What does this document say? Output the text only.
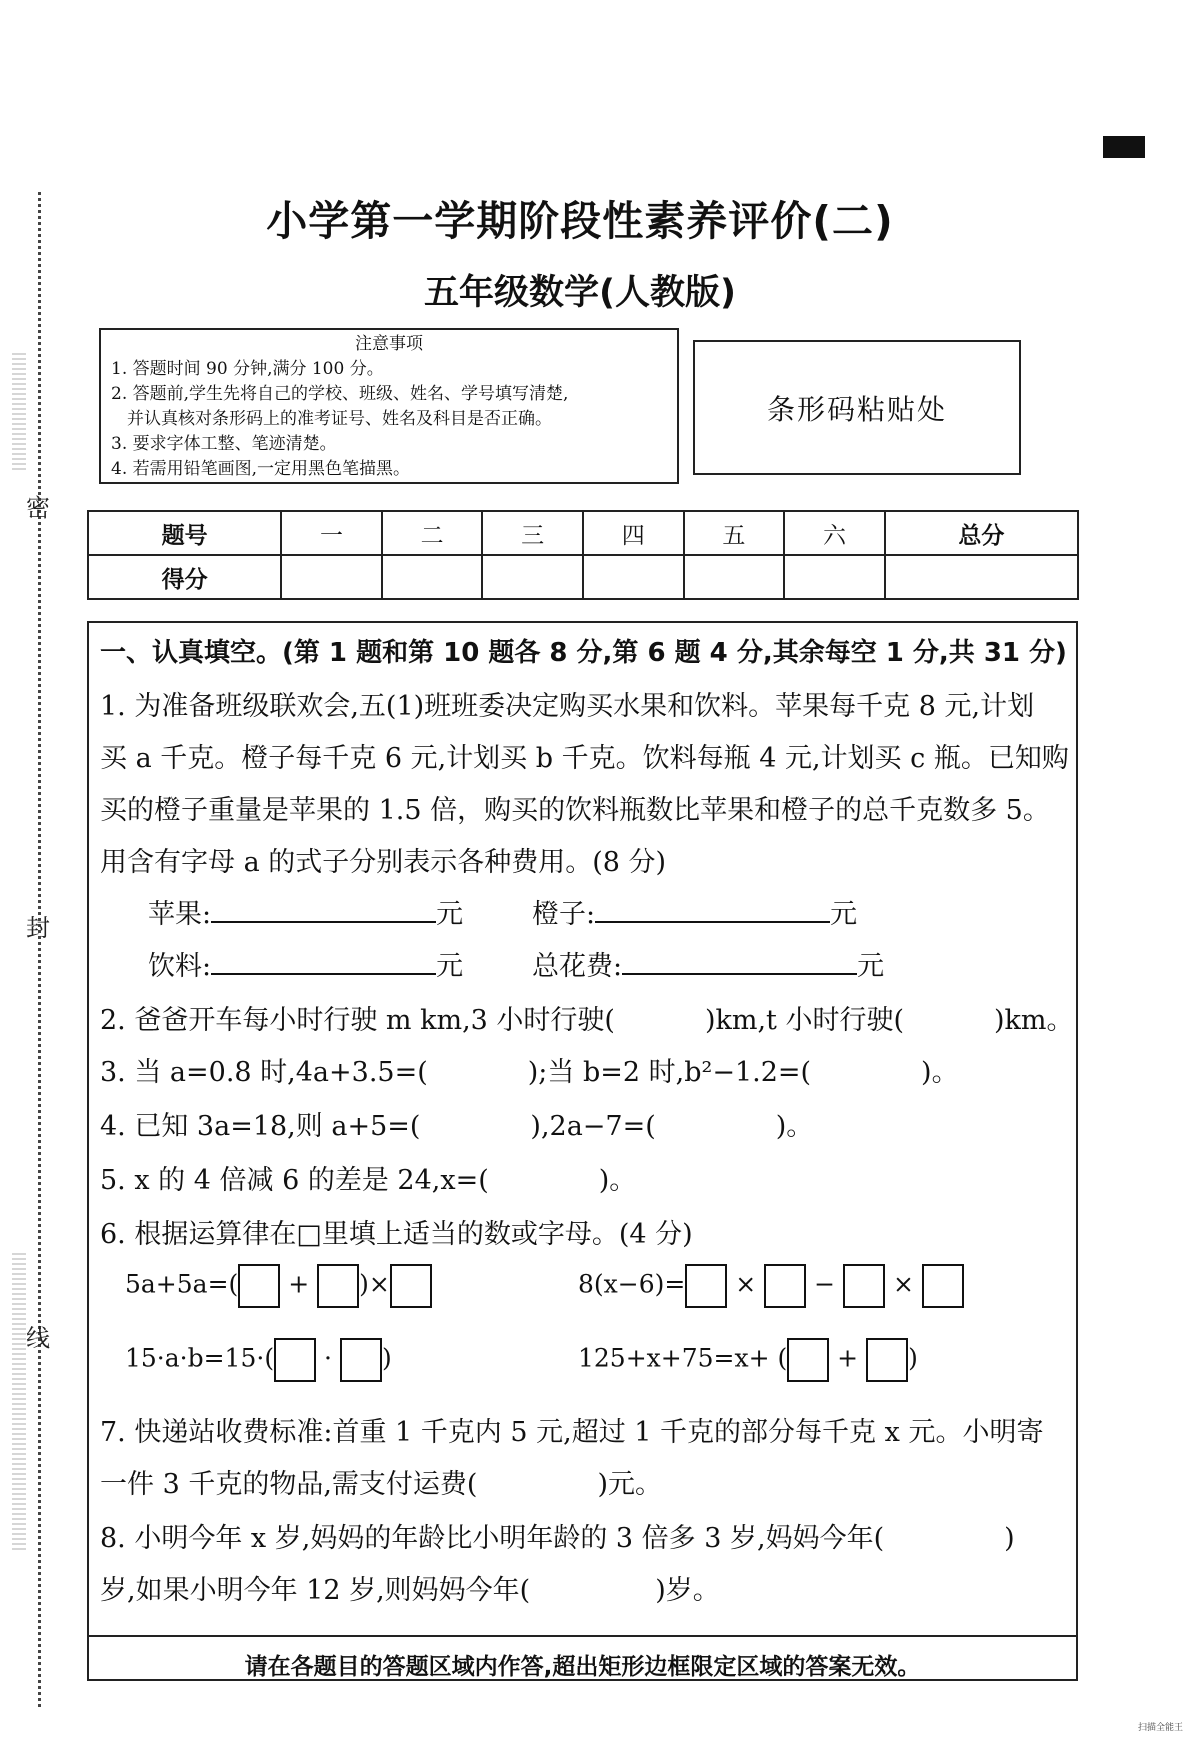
密
封
线
小学第一学期阶段性素养评价(二)
五年级数学(人教版)
注意事项
1. 答题时间 90 分钟,满分 100 分。
2. 答题前,学生先将自己的学校、班级、姓名、学号填写清楚,
并认真核对条形码上的准考证号、姓名及科目是否正确。
3. 要求字体工整、笔迹清楚。
4. 若需用铅笔画图,一定用黑色笔描黑。
条形码粘贴处
题号	一	二	三	四	五	六	总分
得分							
一、认真填空。(第 1 题和第 10 题各 8 分,第 6 题 4 分,其余每空 1 分,共 31 分)
1. 为准备班级联欢会,五(1)班班委决定购买水果和饮料。苹果每千克 8 元,计划
买 a 千克。橙子每千克 6 元,计划买 b 千克。饮料每瓶 4 元,计划买 c 瓶。已知购
买的橙子重量是苹果的 1.5 倍，购买的饮料瓶数比苹果和橙子的总千克数多 5。
用含有字母 a 的式子分别表示各种费用。(8 分)
苹果:	元	橙子:	元
饮料:	元	总花费:	元
2. 爸爸开车每小时行驶 m km,3 小时行驶(	)km,t 小时行驶(	)km。
3. 当 a=0.8 时,4a+3.5=(	);当 b=2 时,b²−1.2=(	)。
4. 已知 3a=18,则 a+5=(	),2a−7=(	)。
5. x 的 4 倍减 6 的差是 24,x=(	)。
6. 根据运算律在□里填上适当的数或字母。(4 分)
5a+5a=( + )×	8(x−6)= × − ×
15·a·b=15·( · )	125+x+75=x+ ( + )
7. 快递站收费标准:首重 1 千克内 5 元,超过 1 千克的部分每千克 x 元。小明寄
一件 3 千克的物品,需支付运费(	)元。
8. 小明今年 x 岁,妈妈的年龄比小明年龄的 3 倍多 3 岁,妈妈今年(	)
岁,如果小明今年 12 岁,则妈妈今年(	)岁。
请在各题目的答题区域内作答,超出矩形边框限定区域的答案无效。
扫描全能王
